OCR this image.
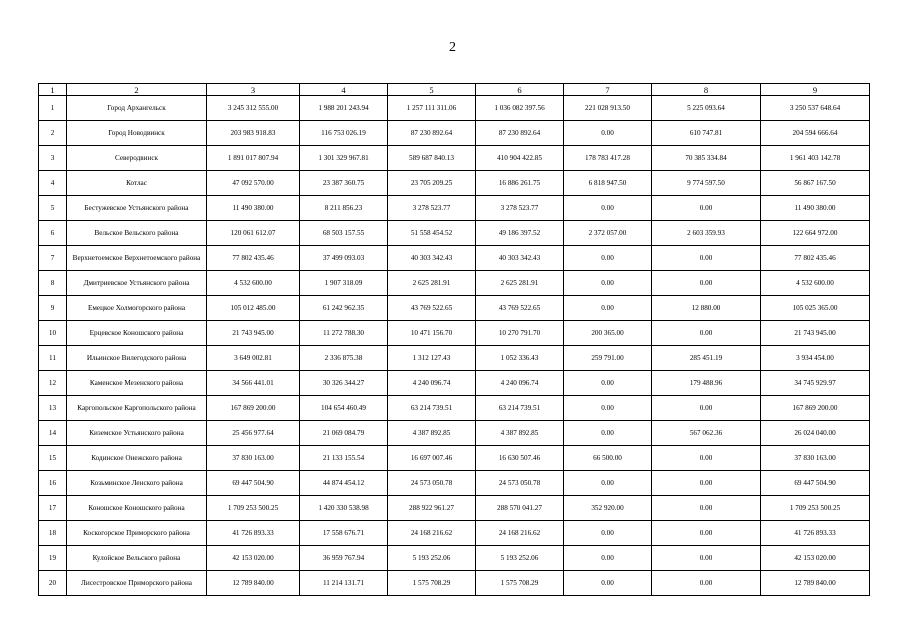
2
1	2	3	4	5	6	7	8	9
1	Город Архангельск	3 245 312 555.00	1 988 201 243.94	1 257 111 311.06	1 036 082 397.56	221 028 913.50	5 225 093.64	3 250 537 648.64
2	Город Новодвинск	203 983 918.83	116 753 026.19	87 230 892.64	87 230 892.64	0.00	610 747.81	204 594 666.64
3	Северодвинск	1 891 017 807.94	1 301 329 967.81	589 687 840.13	410 904 422.85	178 783 417.28	70 385 334.84	1 961 403 142.78
4	Котлас	47 092 570.00	23 387 360.75	23 705 209.25	16 886 261.75	6 818 947.50	9 774 597.50	56 867 167.50
5	Бестужевское Устьянского района	11 490 380.00	8 211 856.23	3 278 523.77	3 278 523.77	0.00	0.00	11 490 380.00
6	Вельское Вельского района	120 061 612.07	68 503 157.55	51 558 454.52	49 186 397.52	2 372 057.00	2 603 359.93	122 664 972.00
7	Верхнетоемское Верхнетоемского района	77 802 435.46	37 499 093.03	40 303 342.43	40 303 342.43	0.00	0.00	77 802 435.46
8	Дмитриевское Устьянского района	4 532 600.00	1 907 318.09	2 625 281.91	2 625 281.91	0.00	0.00	4 532 600.00
9	Емецкое Холмогорского района	105 012 485.00	61 242 962.35	43 769 522.65	43 769 522.65	0.00	12 880.00	105 025 365.00
10	Ерцевское Коношского района	21 743 945.00	11 272 788.30	10 471 156.70	10 270 791.70	200 365.00	0.00	21 743 945.00
11	Ильинское Вилегодского района	3 649 002.81	2 336 875.38	1 312 127.43	1 052 336.43	259 791.00	285 451.19	3 934 454.00
12	Каменское Мезенского района	34 566 441.01	30 326 344.27	4 240 096.74	4 240 096.74	0.00	179 488.96	34 745 929.97
13	Каргопольское Каргопольского района	167 869 200.00	104 654 460.49	63 214 739.51	63 214 739.51	0.00	0.00	167 869 200.00
14	Киземское Устьянского района	25 456 977.64	21 069 084.79	4 387 892.85	4 387 892.85	0.00	567 062.36	26 024 040.00
15	Кодинское Онежского района	37 830 163.00	21 133 155.54	16 697 007.46	16 630 507.46	66 500.00	0.00	37 830 163.00
16	Козьминское Ленского района	69 447 504.90	44 874 454.12	24 573 050.78	24 573 050.78	0.00	0.00	69 447 504.90
17	Коношское Коношского района	1 709 253 500.25	1 420 330 538.98	288 922 961.27	288 570 041.27	352 920.00	0.00	1 709 253 500.25
18	Коскогорское Приморского района	41 726 893.33	17 558 676.71	24 168 216.62	24 168 216.62	0.00	0.00	41 726 893.33
19	Кулойское Вельского района	42 153 020.00	36 959 767.94	5 193 252.06	5 193 252.06	0.00	0.00	42 153 020.00
20	Лисестровское Приморского района	12 789 840.00	11 214 131.71	1 575 708.29	1 575 708.29	0.00	0.00	12 789 840.00
